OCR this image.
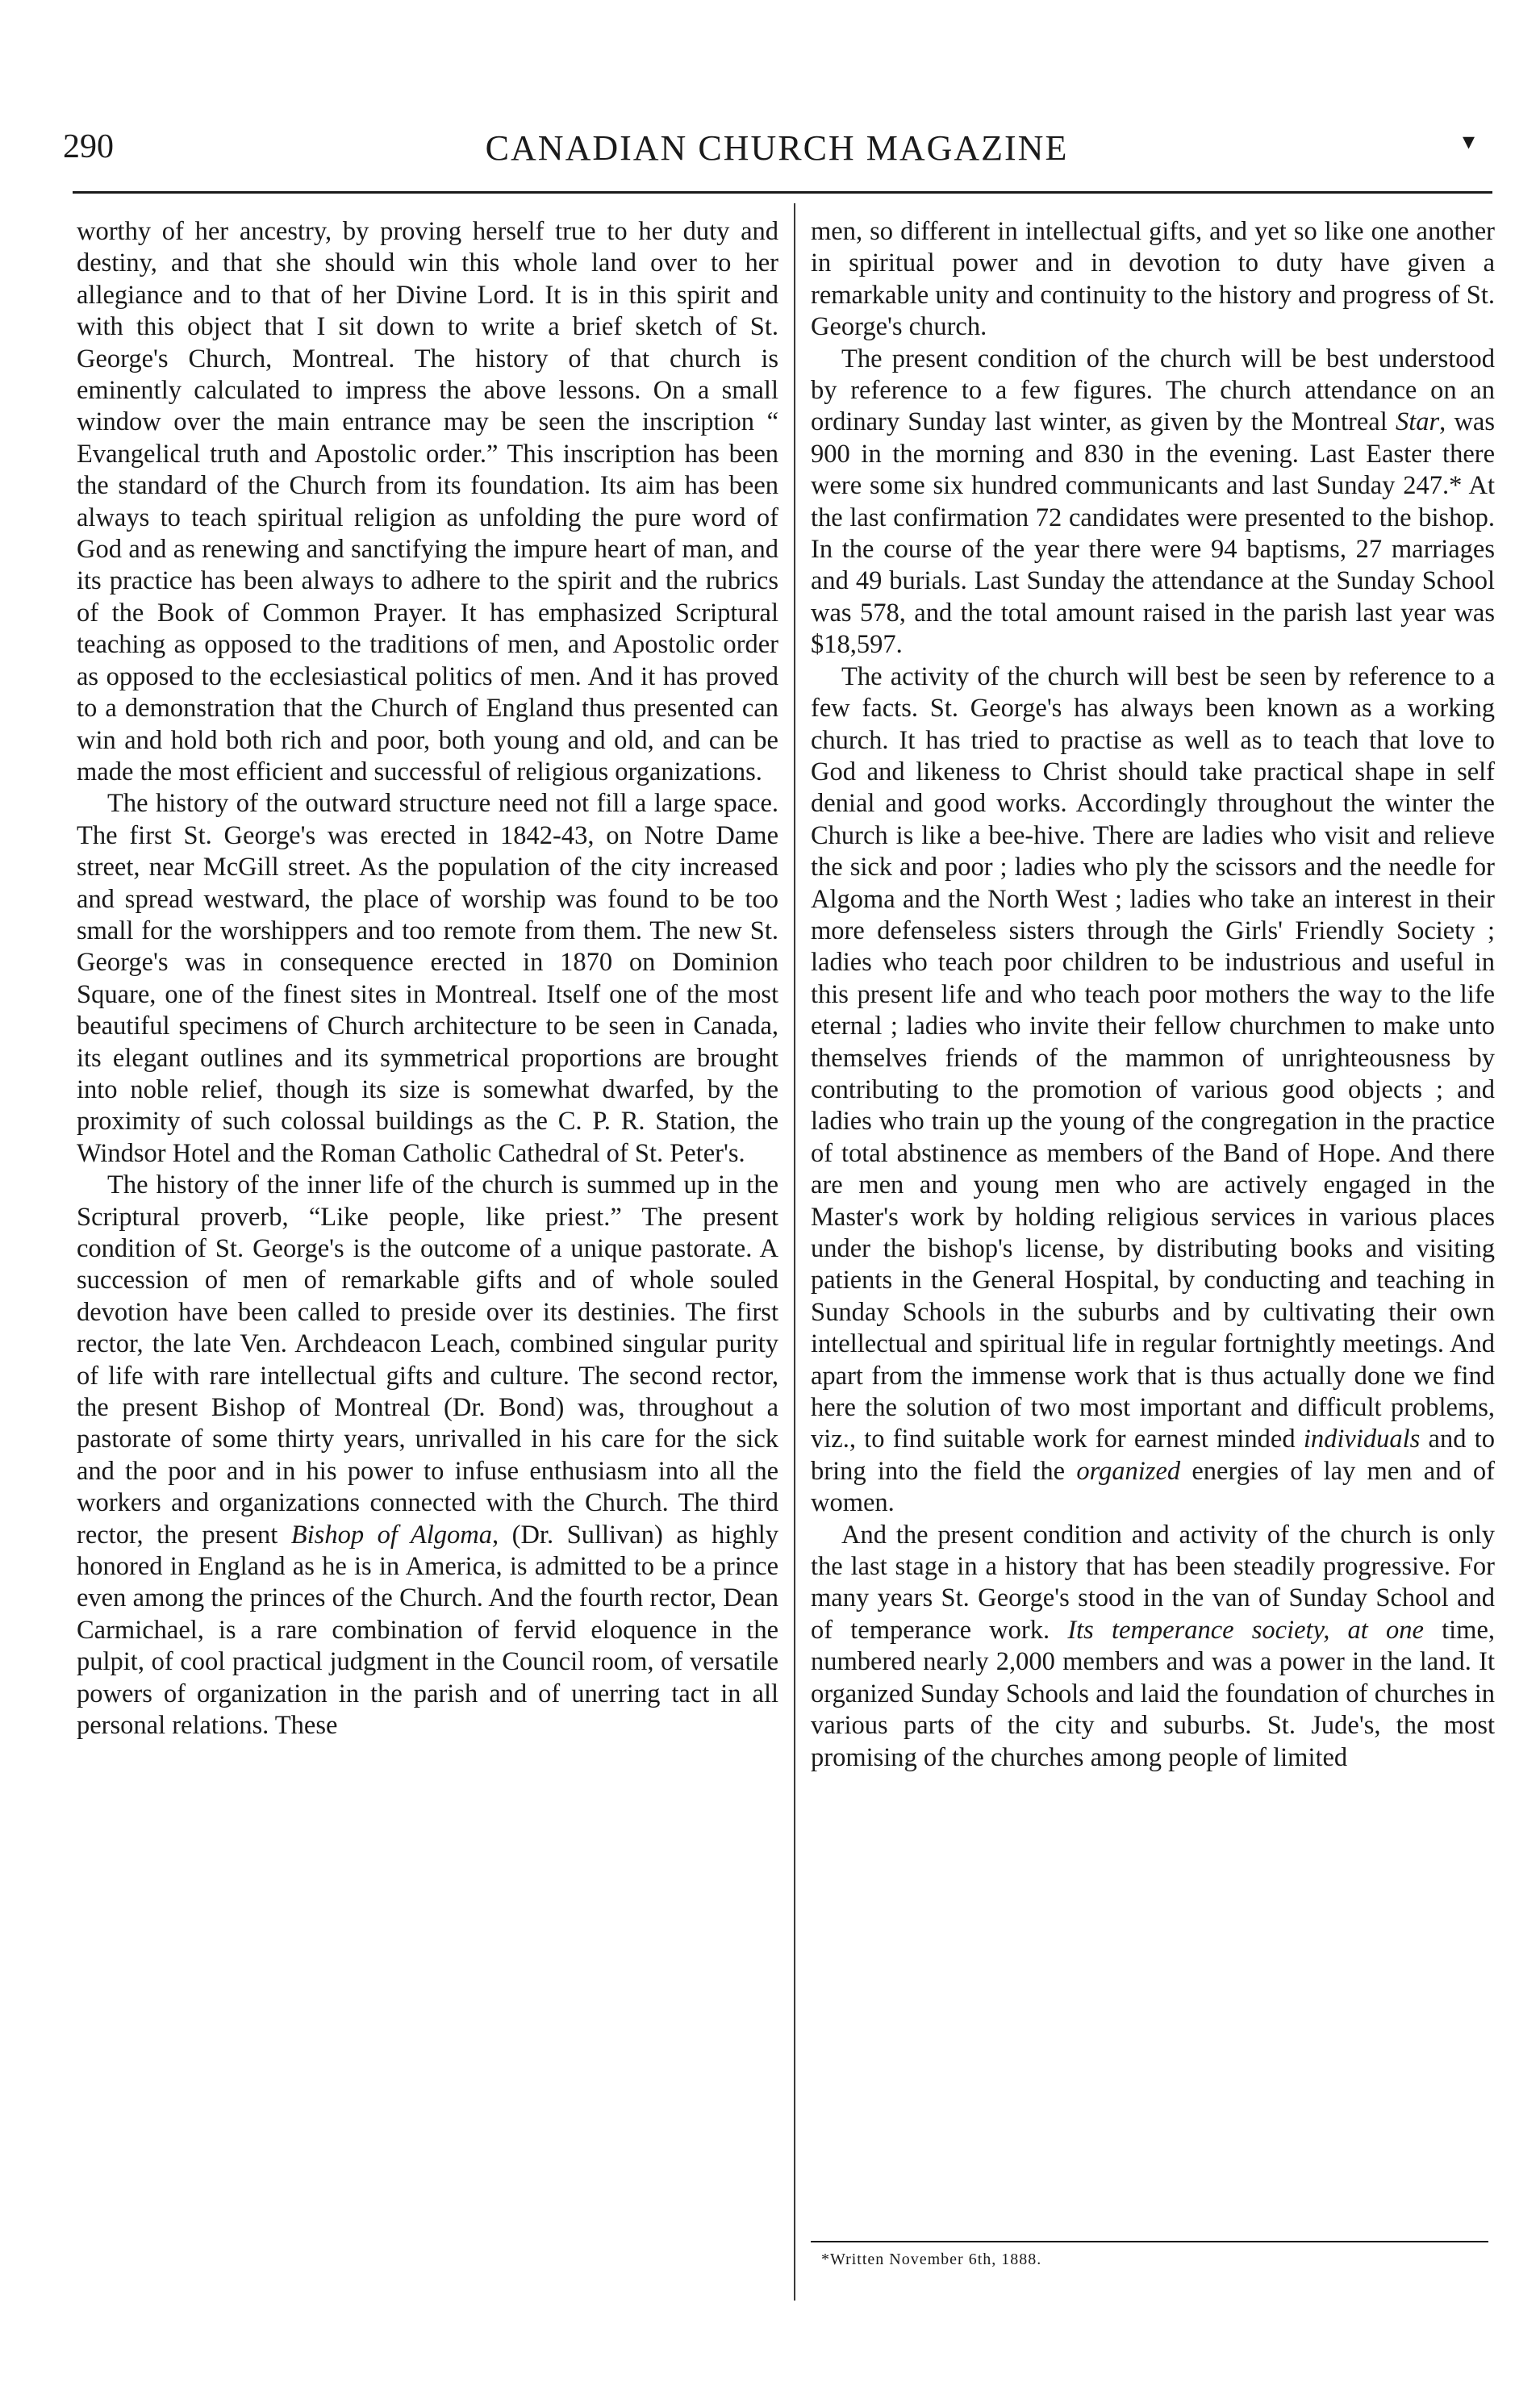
290	CANADIAN CHURCH MAGAZINE	▾

worthy of her ancestry, by proving herself true to her duty and destiny, and that she should win this whole land over to her allegiance and to that of her Divine Lord. It is in this spirit and with this object that I sit down to write a brief sketch of St. George's Church, Montreal. The history of that church is eminently calculated to impress the above lessons. On a small window over the main entrance may be seen the inscription “ Evangelical truth and Apostolic order.” This inscription has been the standard of the Church from its foundation. Its aim has been always to teach spiritual religion as unfolding the pure word of God and as renewing and sanctifying the impure heart of man, and its practice has been always to adhere to the spirit and the rubrics of the Book of Common Prayer. It has emphasized Scriptural teaching as opposed to the traditions of men, and Apostolic order as opposed to the ecclesiastical politics of men. And it has proved to a demonstration that the Church of England thus presented can win and hold both rich and poor, both young and old, and can be made the most efficient and successful of religious organizations.

The history of the outward structure need not fill a large space. The first St. George's was erected in 1842-43, on Notre Dame street, near McGill street. As the population of the city increased and spread westward, the place of worship was found to be too small for the worshippers and too remote from them. The new St. George's was in consequence erected in 1870 on Dominion Square, one of the finest sites in Montreal. Itself one of the most beautiful specimens of Church architecture to be seen in Canada, its elegant outlines and its symmetrical proportions are brought into noble relief, though its size is somewhat dwarfed, by the proximity of such colossal buildings as the C. P. R. Station, the Windsor Hotel and the Roman Catholic Cathedral of St. Peter's.

The history of the inner life of the church is summed up in the Scriptural proverb, “Like people, like priest.” The present condition of St. George's is the outcome of a unique pastorate. A succession of men of remarkable gifts and of whole souled devotion have been called to preside over its destinies. The first rector, the late Ven. Archdeacon Leach, combined singular purity of life with rare intellectual gifts and culture. The second rector, the present Bishop of Montreal (Dr. Bond) was, throughout a pastorate of some thirty years, unrivalled in his care for the sick and the poor and in his power to infuse enthusiasm into all the workers and organizations connected with the Church. The third rector, the present Bishop of Algoma, (Dr. Sullivan) as highly honored in England as he is in America, is admitted to be a prince even among the princes of the Church. And the fourth rector, Dean Carmichael, is a rare combination of fervid eloquence in the pulpit, of cool practical judgment in the Council room, of versatile powers of organization in the parish and of unerring tact in all personal relations. These

men, so different in intellectual gifts, and yet so like one another in spiritual power and in devotion to duty have given a remarkable unity and continuity to the history and progress of St. George's church.

The present condition of the church will be best understood by reference to a few figures. The church attendance on an ordinary Sunday last winter, as given by the Montreal Star, was 900 in the morning and 830 in the evening. Last Easter there were some six hundred communicants and last Sunday 247.* At the last confirmation 72 candidates were presented to the bishop. In the course of the year there were 94 baptisms, 27 marriages and 49 burials. Last Sunday the attendance at the Sunday School was 578, and the total amount raised in the parish last year was $18,597.

The activity of the church will best be seen by reference to a few facts. St. George's has always been known as a working church. It has tried to practise as well as to teach that love to God and likeness to Christ should take practical shape in self denial and good works. Accordingly throughout the winter the Church is like a bee-hive. There are ladies who visit and relieve the sick and poor ; ladies who ply the scissors and the needle for Algoma and the North West ; ladies who take an interest in their more defenseless sisters through the Girls' Friendly Society ; ladies who teach poor children to be industrious and useful in this present life and who teach poor mothers the way to the life eternal ; ladies who invite their fellow churchmen to make unto themselves friends of the mammon of unrighteousness by contributing to the promotion of various good objects ; and ladies who train up the young of the congregation in the practice of total abstinence as members of the Band of Hope. And there are men and young men who are actively engaged in the Master's work by holding religious services in various places under the bishop's license, by distributing books and visiting patients in the General Hospital, by conducting and teaching in Sunday Schools in the suburbs and by cultivating their own intellectual and spiritual life in regular fortnightly meetings. And apart from the immense work that is thus actually done we find here the solution of two most important and difficult problems, viz., to find suitable work for earnest minded individuals and to bring into the field the organized energies of lay men and of women.

And the present condition and activity of the church is only the last stage in a history that has been steadily progressive. For many years St. George's stood in the van of Sunday School and of temperance work. Its temperance society, at one time, numbered nearly 2,000 members and was a power in the land. It organized Sunday Schools and laid the foundation of churches in various parts of the city and suburbs. St. Jude's, the most promising of the churches among people of limited

*Written November 6th, 1888.
